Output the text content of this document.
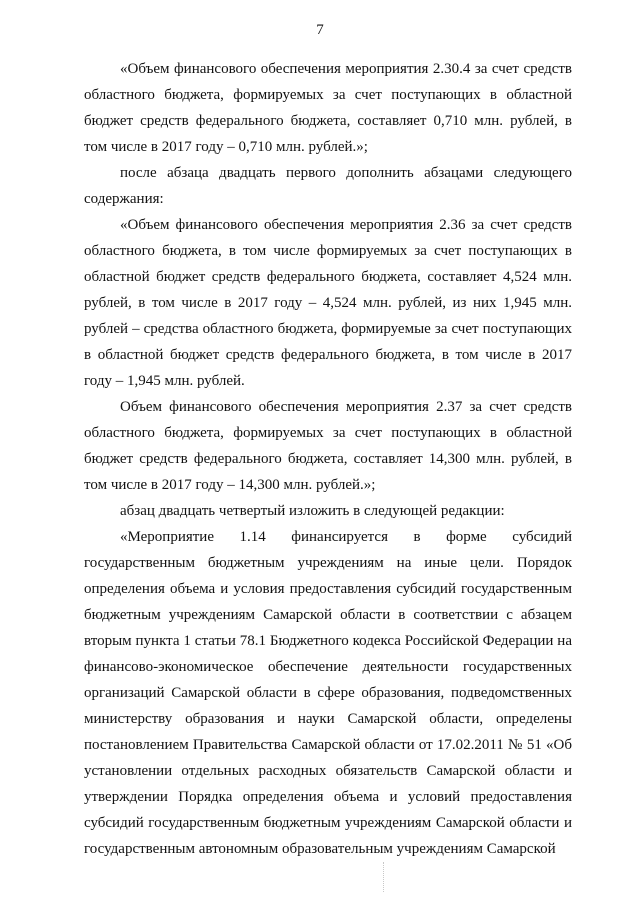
7

«Объем финансового обеспечения мероприятия 2.30.4 за счет средств областного бюджета, формируемых за счет поступающих в областной бюджет средств федерального бюджета, составляет 0,710 млн. рублей, в том числе в 2017 году – 0,710 млн. рублей.»;

после абзаца двадцать первого дополнить абзацами следующего содержания:

«Объем финансового обеспечения мероприятия 2.36 за счет средств областного бюджета, в том числе формируемых за счет поступающих в областной бюджет средств федерального бюджета, составляет 4,524 млн. рублей, в том числе в 2017 году – 4,524 млн. рублей, из них 1,945 млн. рублей – средства областного бюджета, формируемые за счет поступающих в областной бюджет средств федерального бюджета, в том числе в 2017 году – 1,945 млн. рублей.

Объем финансового обеспечения мероприятия 2.37 за счет средств областного бюджета, формируемых за счет поступающих в областной бюджет средств федерального бюджета, составляет 14,300 млн. рублей, в том числе в 2017 году – 14,300 млн. рублей.»;

абзац двадцать четвертый изложить в следующей редакции:

«Мероприятие 1.14 финансируется в форме субсидий государственным бюджетным учреждениям на иные цели. Порядок определения объема и условия предоставления субсидий государственным бюджетным учреждениям Самарской области в соответствии с абзацем вторым пункта 1 статьи 78.1 Бюджетного кодекса Российской Федерации на финансово-экономическое обеспечение деятельности государственных организаций Самарской области в сфере образования, подведомственных министерству образования и науки Самарской области, определены постановлением Правительства Самарской области от 17.02.2011 № 51 «Об установлении отдельных расходных обязательств Самарской области и утверждении Порядка определения объема и условий предоставления субсидий государственным бюджетным учреждениям Самарской области и государственным автономным образовательным учреждениям Самарской
